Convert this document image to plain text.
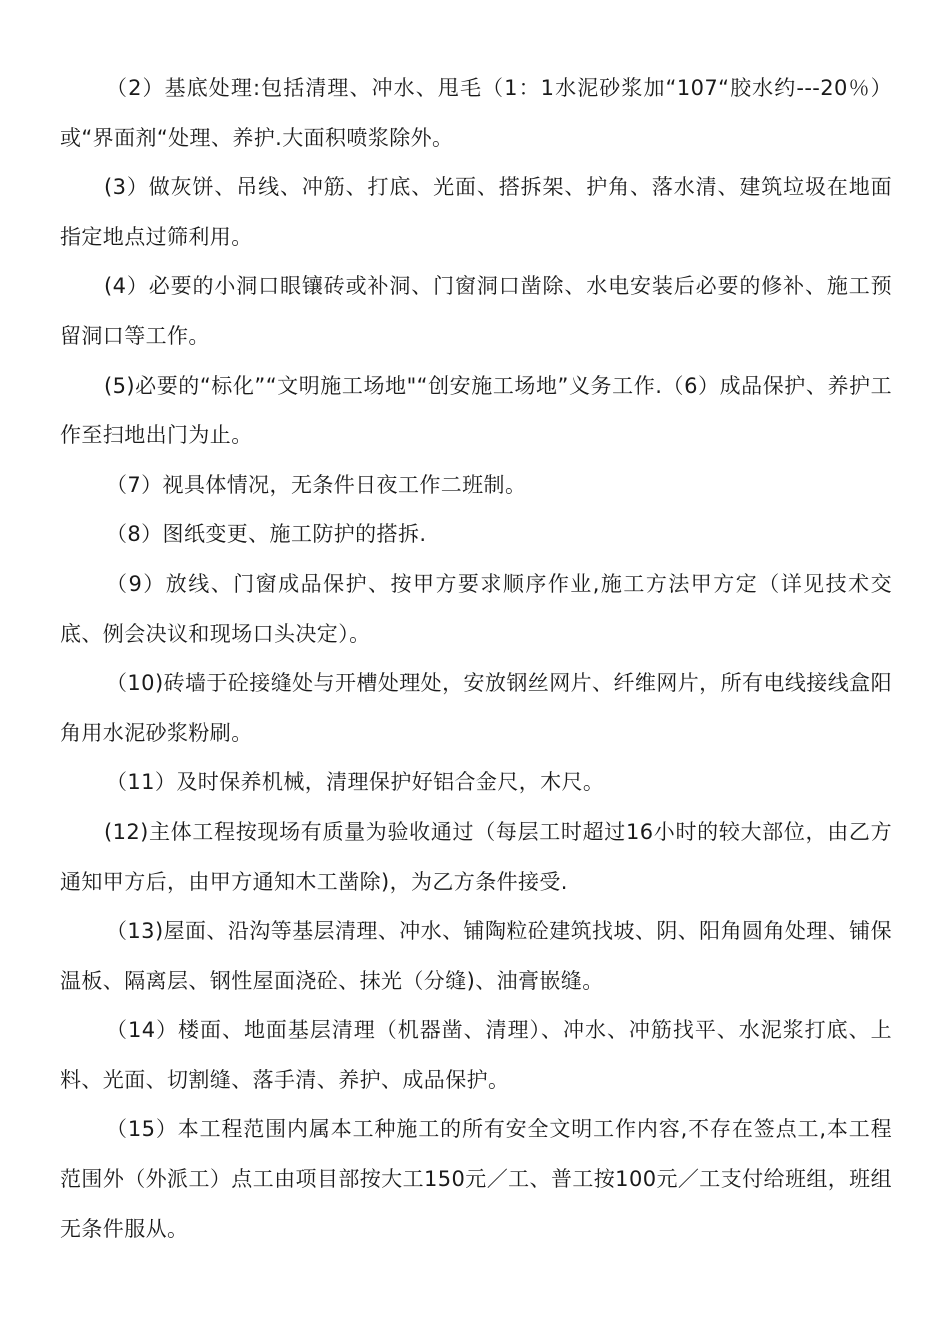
（2）基底处理:包括清理、冲水、甩毛（1：1水泥砂浆加“107“胶水约---20％）或“界面剂“处理、养护.大面积喷浆除外。

(3）做灰饼、吊线、冲筋、打底、光面、搭拆架、护角、落水清、建筑垃圾在地面指定地点过筛利用。

(4）必要的小洞口眼镶砖或补洞、门窗洞口凿除、水电安装后必要的修补、施工预留洞口等工作。

(5)必要的“标化”“文明施工场地"“创安施工场地”义务工作.（6）成品保护、养护工作至扫地出门为止。

（7）视具体情况，无条件日夜工作二班制。

（8）图纸变更、施工防护的搭拆.

（9）放线、门窗成品保护、按甲方要求顺序作业,施工方法甲方定（详见技术交底、例会决议和现场口头决定）。

（10)砖墙于砼接缝处与开槽处理处，安放钢丝网片、纤维网片，所有电线接线盒阳角用水泥砂浆粉刷。

（11）及时保养机械，清理保护好铝合金尺，木尺。

(12)主体工程按现场有质量为验收通过（每层工时超过16小时的较大部位，由乙方通知甲方后，由甲方通知木工凿除)，为乙方条件接受.

（13)屋面、沿沟等基层清理、冲水、铺陶粒砼建筑找坡、阴、阳角圆角处理、铺保温板、隔离层、钢性屋面浇砼、抹光（分缝)、油膏嵌缝。

（14）楼面、地面基层清理（机器凿、清理）、冲水、冲筋找平、水泥浆打底、上料、光面、切割缝、落手清、养护、成品保护。

（15）本工程范围内属本工种施工的所有安全文明工作内容,不存在签点工,本工程范围外（外派工）点工由项目部按大工150元／工、普工按100元／工支付给班组，班组无条件服从。
